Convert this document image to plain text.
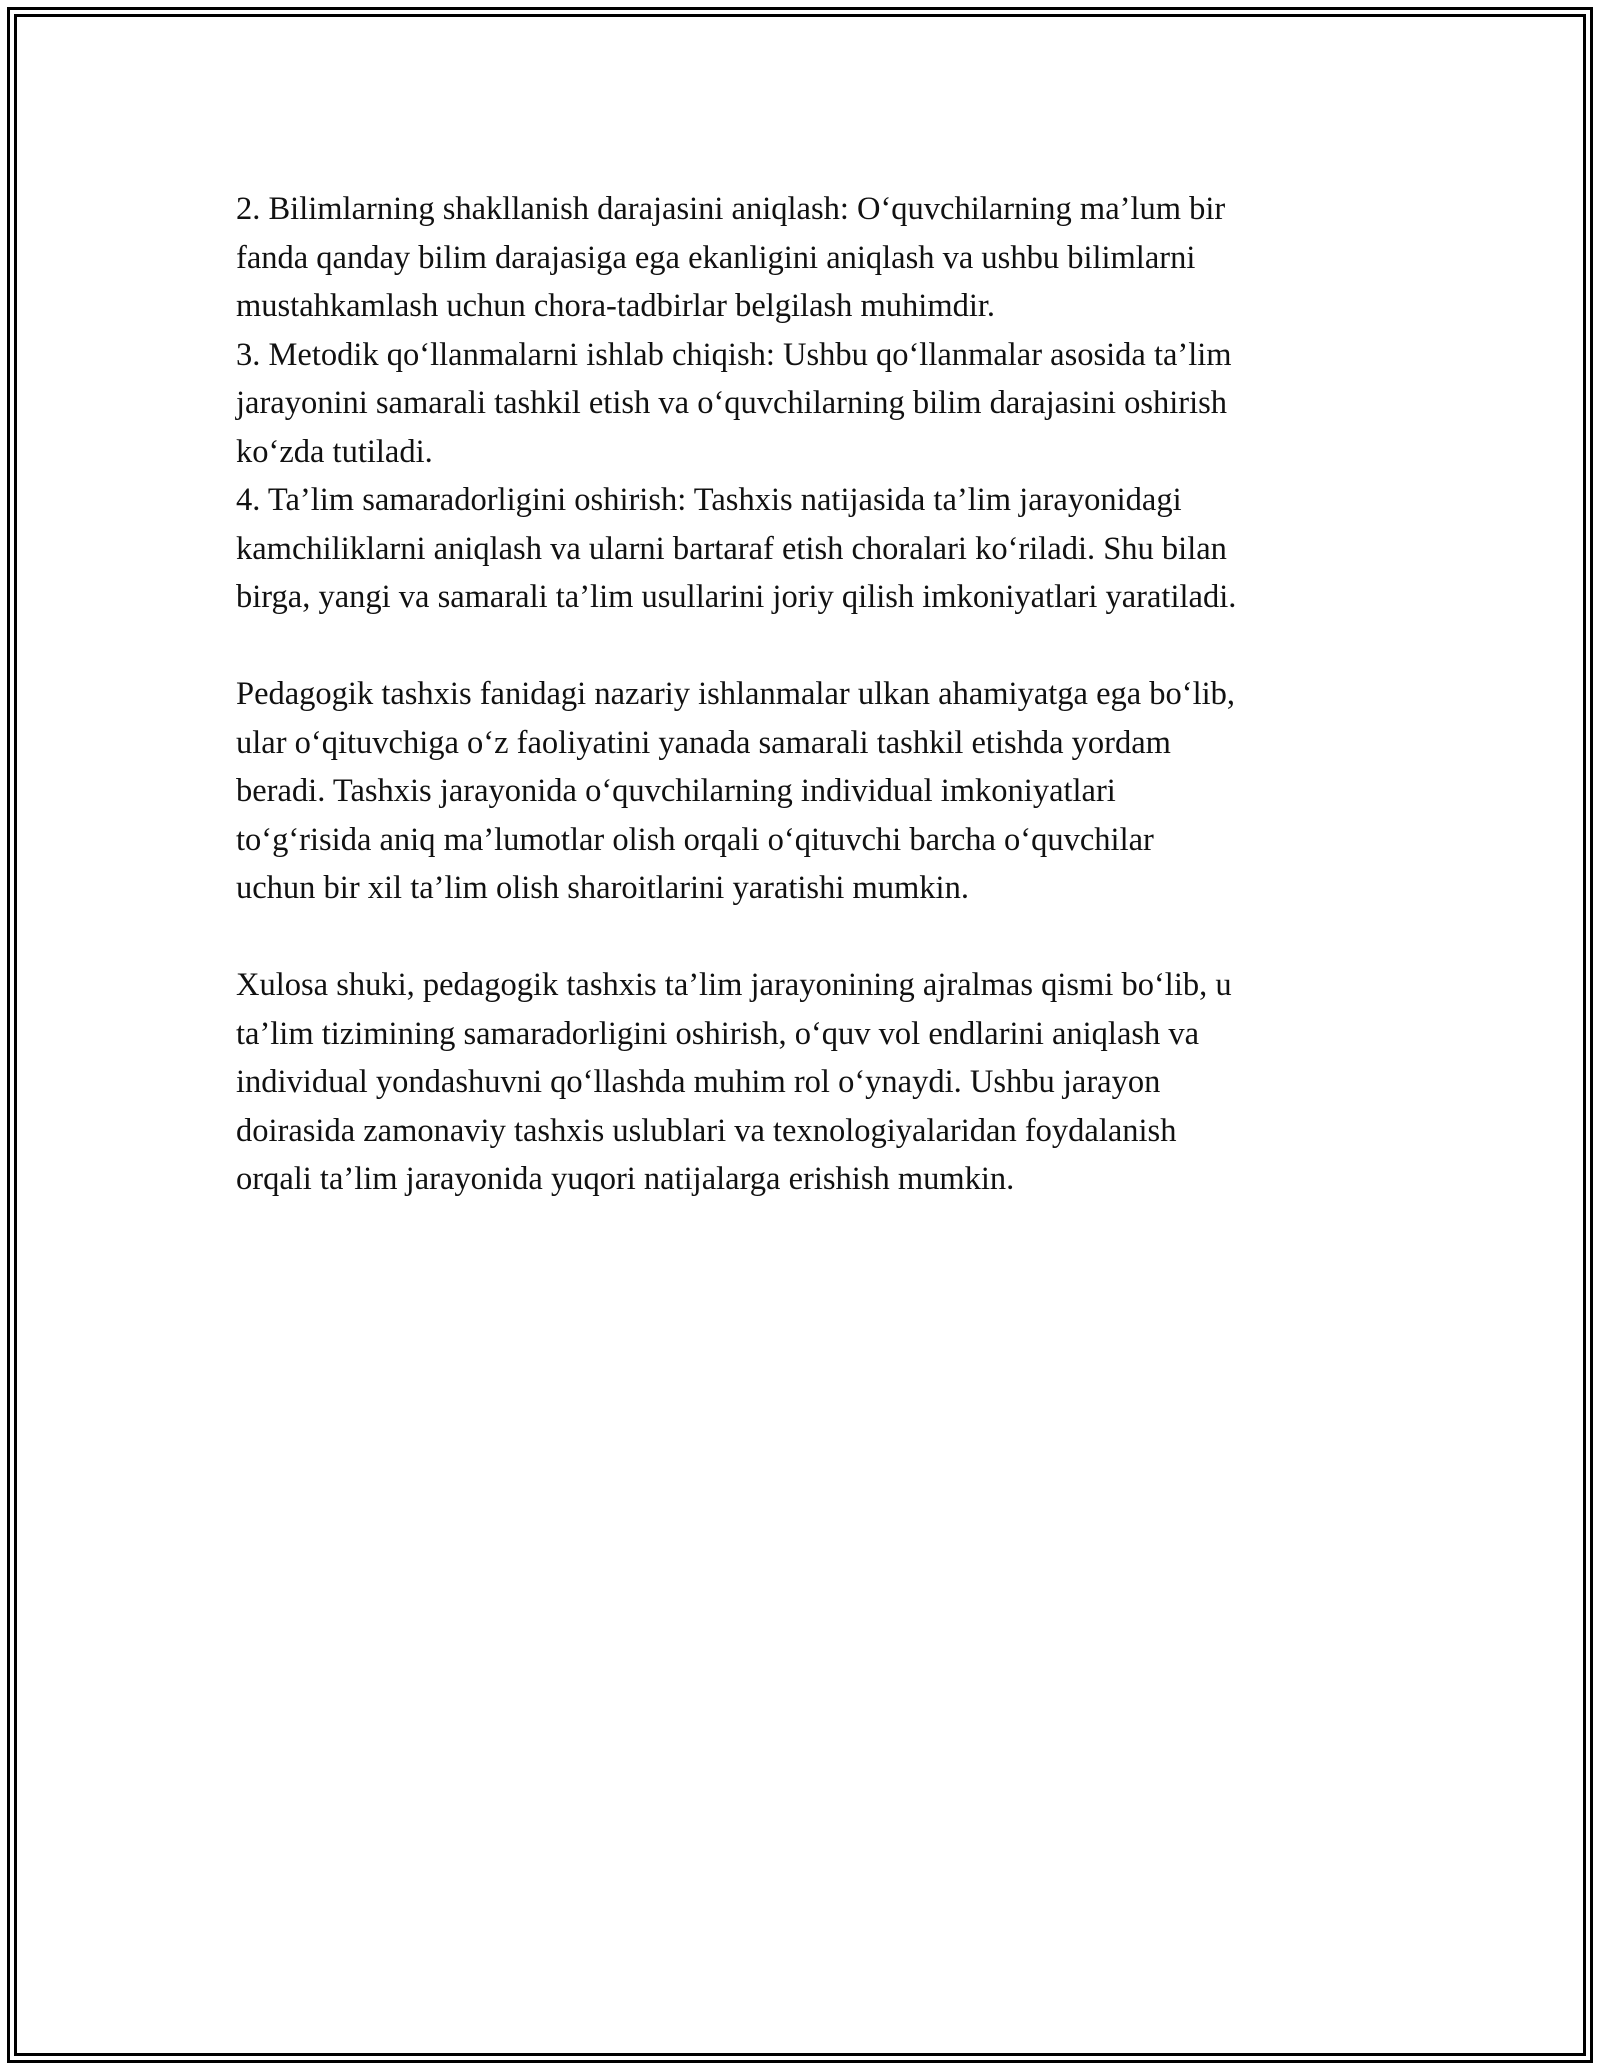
2. Bilimlarning shakllanish darajasini aniqlash: O‘quvchilarning ma’lum bir
fanda qanday bilim darajasiga ega ekanligini aniqlash va ushbu bilimlarni
mustahkamlash uchun chora-tadbirlar belgilash muhimdir.
3. Metodik qo‘llanmalarni ishlab chiqish: Ushbu qo‘llanmalar asosida ta’lim
jarayonini samarali tashkil etish va o‘quvchilarning bilim darajasini oshirish
ko‘zda tutiladi.
4. Ta’lim samaradorligini oshirish: Tashxis natijasida ta’lim jarayonidagi
kamchiliklarni aniqlash va ularni bartaraf etish choralari ko‘riladi. Shu bilan
birga, yangi va samarali ta’lim usullarini joriy qilish imkoniyatlari yaratiladi.
Pedagogik tashxis fanidagi nazariy ishlanmalar ulkan ahamiyatga ega bo‘lib,
ular o‘qituvchiga o‘z faoliyatini yanada samarali tashkil etishda yordam
beradi. Tashxis jarayonida o‘quvchilarning individual imkoniyatlari
to‘g‘risida aniq ma’lumotlar olish orqali o‘qituvchi barcha o‘quvchilar
uchun bir xil ta’lim olish sharoitlarini yaratishi mumkin.
Xulosa shuki, pedagogik tashxis ta’lim jarayonining ajralmas qismi bo‘lib, u
ta’lim tizimining samaradorligini oshirish, o‘quv vol endlarini aniqlash va
individual yondashuvni qo‘llashda muhim rol o‘ynaydi. Ushbu jarayon
doirasida zamonaviy tashxis uslublari va texnologiyalaridan foydalanish
orqali ta’lim jarayonida yuqori natijalarga erishish mumkin.
